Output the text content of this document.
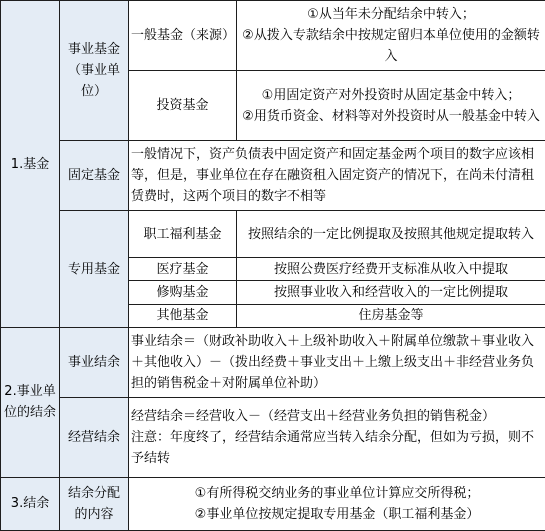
1.基金	事业基金（事业单位）	一般基金（来源）	①从当年未分配结余中转入；
②从拨入专款结余中按规定留归本单位使用的金额转入

		投资基金	①用固定资产对外投资时从固定基金中转入；
②用货币资金、材料等对外投资时从一般基金中转入

	固定基金	一般情况下，资产负债表中固定资产和固定基金两个项目的数字应该相等，但是，事业单位在存在融资租入固定资产的情况下，在尚未付清租赁费时，这两个项目的数字不相等	
	专用基金	职工福利基金	按照结余的一定比例提取及按照其他规定提取转入
		医疗基金	按照公费医疗经费开支标准从收入中提取
		修购基金	按照事业收入和经营收入的一定比例提取
		其他基金	住房基金等
2.事业单位的结余	事业结余	事业结余＝（财政补助收入＋上级补助收入＋附属单位缴款＋事业收入＋其他收入）－（拨出经费＋事业支出＋上缴上级支出＋非经营业务负担的销售税金＋对附属单位补助）	
	经营结余	经营结余＝经营收入－（经营支出＋经营业务负担的销售税金）
注意：年度终了，经营结余通常应当转入结余分配，但如为亏损，则不予结转	

3.结余	结余分配的内容	①有所得税交纳业务的事业单位计算应交所得税；
②事业单位按规定提取专用基金（职工福利基金）	
